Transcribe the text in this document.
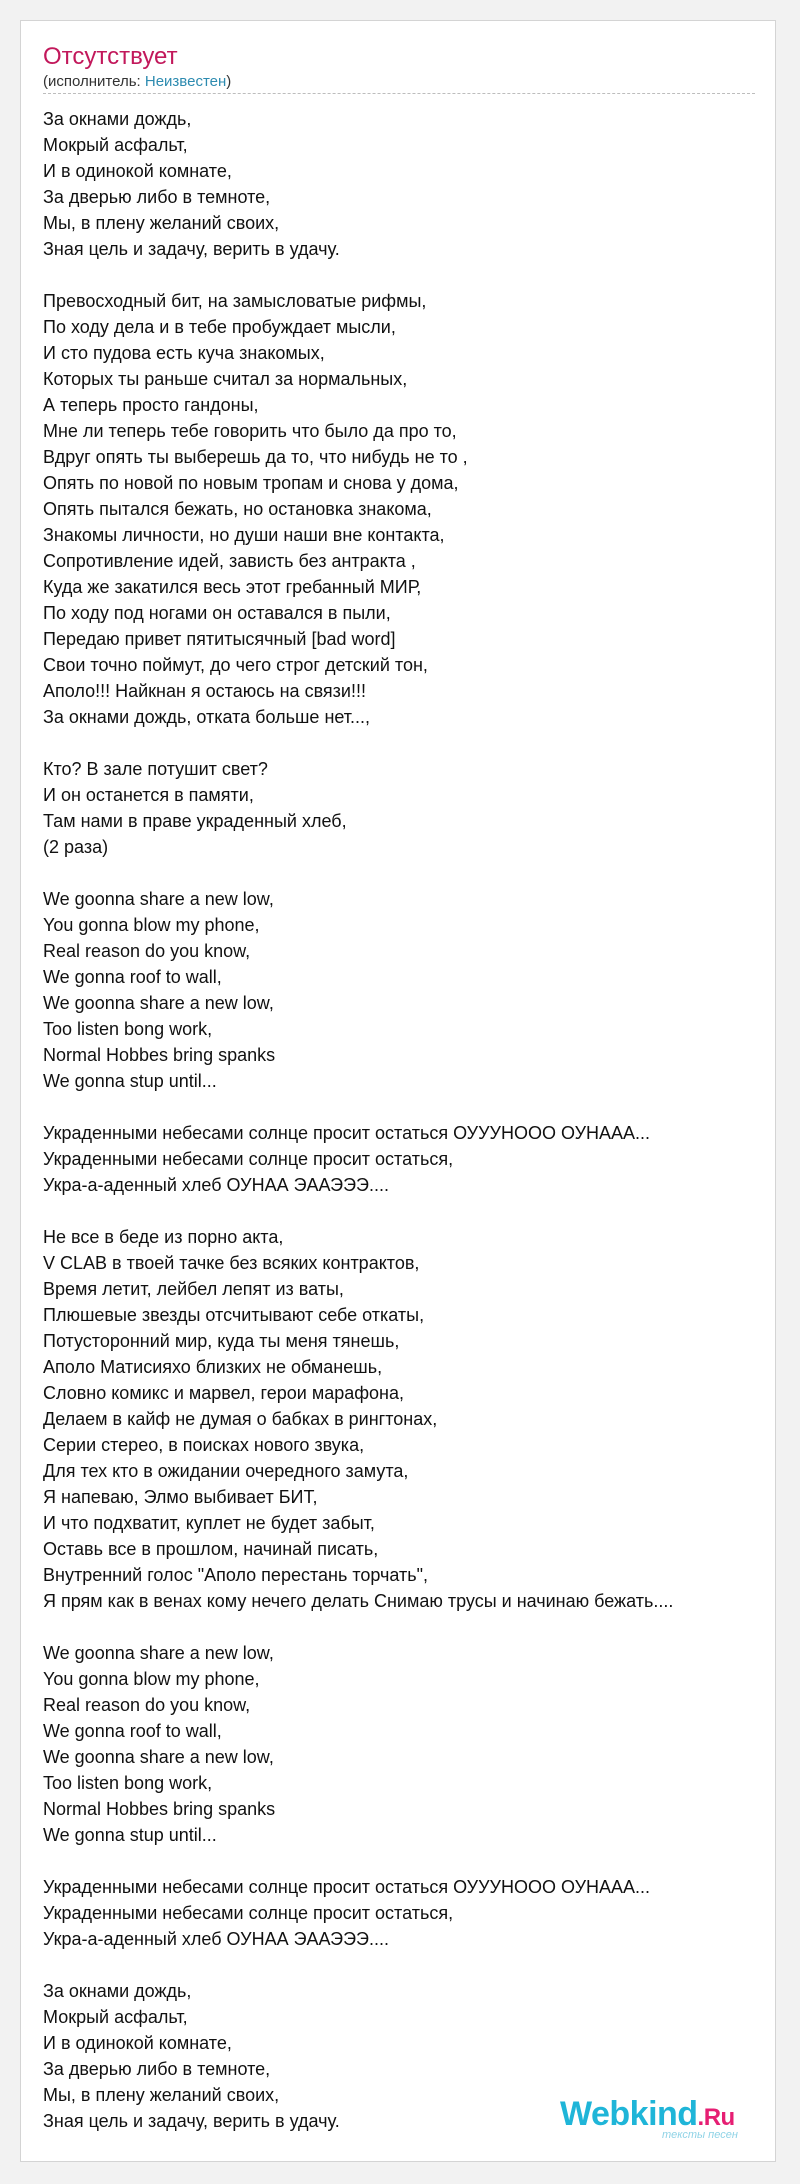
Отсутствует
(исполнитель: Неизвестен)
За окнами дождь,
Мокрый асфальт,
И в одинокой комнате,
За дверью либо в темноте,
Мы, в плену желаний своих,
Зная цель и задачу, верить в удачу.
Превосходный бит, на замысловатые рифмы,
По ходу дела и в тебе пробуждает мысли,
И сто пудова есть куча знакомых,
Которых ты раньше считал за нормальных,
А теперь просто гандоны,
Мне ли теперь тебе говорить что было да про то,
Вдруг опять ты выберешь да то, что нибудь не то ,
Опять по новой по новым тропам и снова у дома,
Опять пытался бежать, но остановка знакома,
Знакомы личности, но души наши вне контакта,
Сопротивление идей, зависть без антракта ,
Куда же закатился весь этот гребанный МИР,
По ходу под ногами он оставался в пыли,
Передаю привет пятитысячный [bad word]
Свои точно поймут, до чего строг детский тон,
Аполо!!! Найкнан я остаюсь на связи!!!
За окнами дождь, отката больше нет...,
Кто? В зале потушит свет?
И он останется в памяти,
Там нами в праве украденный хлеб,
(2 раза)
We goonna share a new low,
You gonna blow my phone,
Real reason do you know,
We gonna roof to wall,
We goonna share a new low,
Too listen bong work,
Normal Hobbes bring spanks
We gonna stup until...
Украденными небесами солнце просит остаться ОУУУНООО ОУНААА...
Украденными небесами солнце просит остаться,
Укра-а-аденный хлеб ОУНАА ЭААЭЭЭ....
Не все в беде из порно акта,
V CLAB в твоей тачке без всяких контрактов,
Время летит, лейбел лепят из ваты,
Плюшевые звезды отсчитывают себе откаты,
Потусторонний мир, куда ты меня тянешь,
Аполо Матисияхо близких не обманешь,
Словно комикс и марвел, герои марафона,
Делаем в кайф не думая о бабках в рингтонах,
Серии стерео, в поисках нового звука,
Для тех кто в ожидании очередного замута,
Я напеваю, Элмо выбивает БИТ,
И что подхватит, куплет не будет забыт,
Оставь все в прошлом, начинай писать,
Внутренний голос "Аполо перестань торчать",
Я прям как в венах кому нечего делать Снимаю трусы и начинаю бежать....
We goonna share a new low,
You gonna blow my phone,
Real reason do you know,
We gonna roof to wall,
We goonna share a new low,
Too listen bong work,
Normal Hobbes bring spanks
We gonna stup until...
Украденными небесами солнце просит остаться ОУУУНООО ОУНААА...
Украденными небесами солнце просит остаться,
Укра-а-аденный хлеб ОУНАА ЭААЭЭЭ....
За окнами дождь,
Мокрый асфальт,
И в одинокой комнате,
За дверью либо в темноте,
Мы, в плену желаний своих,
Зная цель и задачу, верить в удачу.	Webkind.Ru
тексты песен
